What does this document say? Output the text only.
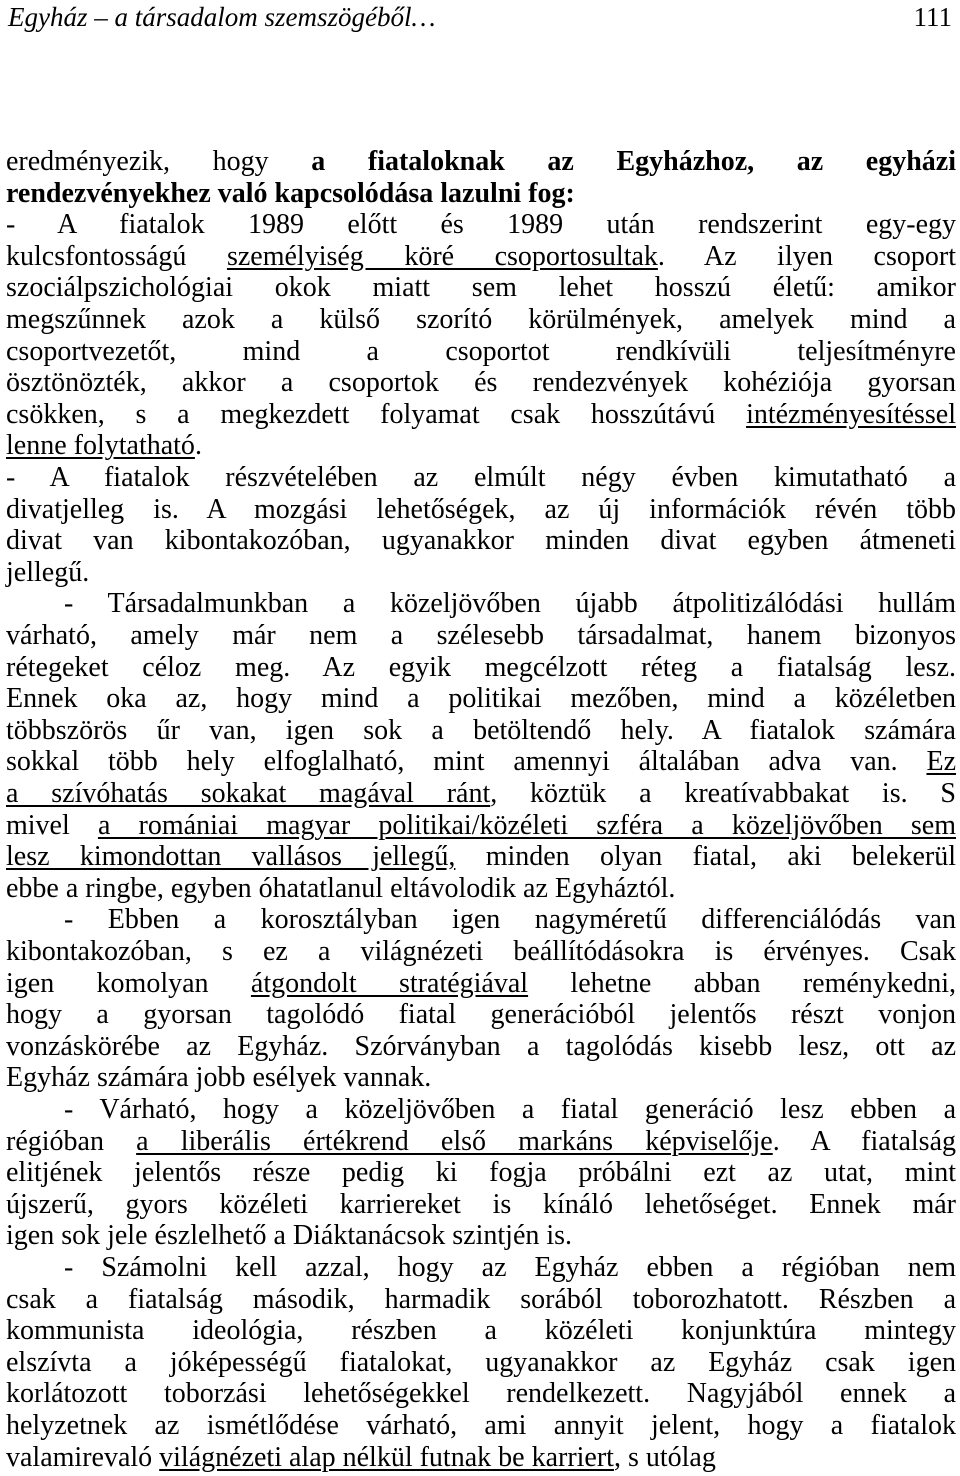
Egyház – a társadalom szemszögéből…	111
eredményezik, hogy a fiataloknak az Egyházhoz, az egyházi
rendezvényekhez való kapcsolódása lazulni fog:
- A fiatalok 1989 előtt és 1989 után rendszerint egy-egy
kulcsfontosságú személyiség köré csoportosultak. Az ilyen csoport
szociálpszichológiai okok miatt sem lehet hosszú életű: amikor
megszűnnek azok a külső szorító körülmények, amelyek mind a
csoportvezetőt, mind a csoportot rendkívüli teljesítményre
ösztönözték, akkor a csoportok és rendezvények kohéziója gyorsan
csökken, s a megkezdett folyamat csak hosszútávú intézményesítéssel
lenne folytatható.
- A fiatalok részvételében az elmúlt négy évben kimutatható a
divatjelleg is. A mozgási lehetőségek, az új információk révén több
divat van kibontakozóban, ugyanakkor minden divat egyben átmeneti
jellegű.
- Társadalmunkban a közeljövőben újabb átpolitizálódási hullám
várható, amely már nem a szélesebb társadalmat, hanem bizonyos
rétegeket céloz meg. Az egyik megcélzott réteg a fiatalság lesz.
Ennek oka az, hogy mind a politikai mezőben, mind a közéletben
többszörös űr van, igen sok a betöltendő hely. A fiatalok számára
sokkal több hely elfoglalható, mint amennyi általában adva van. Ez
a szívóhatás sokakat magával ránt, köztük a kreatívabbakat is. S
mivel a romániai magyar politikai/közéleti szféra a közeljövőben sem
lesz kimondottan vallásos jellegű, minden olyan fiatal, aki belekerül
ebbe a ringbe, egyben óhatatlanul eltávolodik az Egyháztól.
- Ebben a korosztályban igen nagyméretű differenciálódás van
kibontakozóban, s ez a világnézeti beállítódásokra is érvényes. Csak
igen komolyan átgondolt stratégiával lehetne abban reménykedni,
hogy a gyorsan tagolódó fiatal generációból jelentős részt vonjon
vonzáskörébe az Egyház. Szórványban a tagolódás kisebb lesz, ott az
Egyház számára jobb esélyek vannak.
- Várható, hogy a közeljövőben a fiatal generáció lesz ebben a
régióban a liberális értékrend első markáns képviselője. A fiatalság
elitjének jelentős része pedig ki fogja próbálni ezt az utat, mint
újszerű, gyors közéleti karriereket is kínáló lehetőséget. Ennek már
igen sok jele észlelhető a Diáktanácsok szintjén is.
- Számolni kell azzal, hogy az Egyház ebben a régióban nem
csak a fiatalság második, harmadik sorából toborozhatott. Részben a
kommunista ideológia, részben a közéleti konjunktúra mintegy
elszívta a jóképességű fiatalokat, ugyanakkor az Egyház csak igen
korlátozott toborzási lehetőségekkel rendelkezett. Nagyjából ennek a
helyzetnek az ismétlődése várható, ami annyit jelent, hogy a fiatalok
valamirevaló világnézeti alap nélkül futnak be karriert, s utólag
